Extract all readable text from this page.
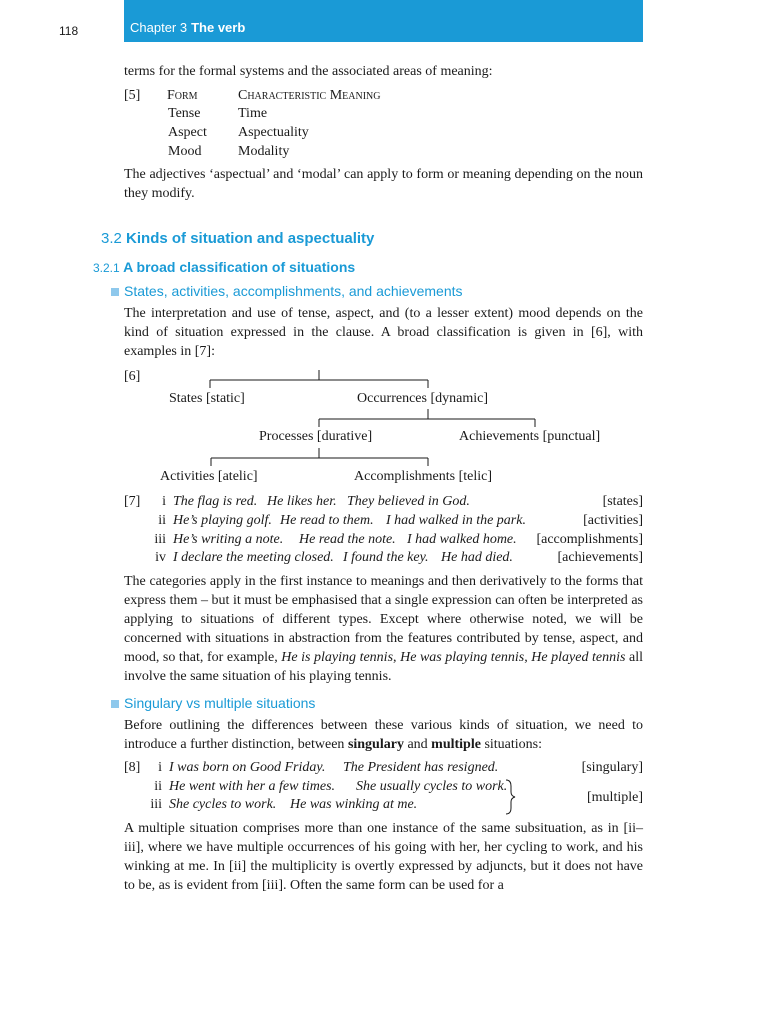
118	Chapter 3 The verb
terms for the formal systems and the associated areas of meaning:
[5] Form	Characteristic Meaning
Tense	Time
Aspect Aspectuality
Mood	Modality
The adjectives ‘aspectual’ and ‘modal’ can apply to form or meaning depending on the noun they modify.
3.2 Kinds of situation and aspectuality
3.2.1 A broad classification of situations
States, activities, accomplishments, and achievements
The interpretation and use of tense, aspect, and (to a lesser extent) mood depends on the kind of situation expressed in the clause. A broad classification is given in [6], with examples in [7]:
[6]
States [static]	Occurrences [dynamic]
Processes [durative]	Achievements [punctual]
Activities [atelic]	Accomplishments [telic]
[7]	i The flag is red. He likes her. They believed in God.	[states]
ii He’s playing golf. He read to them. I had walked in the park.	[activities]
iii He’s writing a note. He read the note. I had walked home.	[accomplishments]
iv I declare the meeting closed. I found the key. He had died.	[achievements]
The categories apply in the first instance to meanings and then derivatively to the forms that express them – but it must be emphasised that a single expression can often be interpreted as applying to situations of different types. Except where otherwise noted, we will be concerned with situations in abstraction from the features contributed by tense, aspect, and mood, so that, for example, He is playing tennis, He was playing tennis, He played tennis all involve the same situation of his playing tennis.
Singulary vs multiple situations
Before outlining the differences between these various kinds of situation, we need to introduce a further distinction, between singulary and multiple situations:
[8]	i I was born on Good Friday. The President has resigned.	[singulary]
ii He went with her a few times. She usually cycles to work.
iii She cycles to work. He was winking at me.	[multiple]
A multiple situation comprises more than one instance of the same subsituation, as in [ii–iii], where we have multiple occurrences of his going with her, her cycling to work, and his winking at me. In [ii] the multiplicity is overtly expressed by adjuncts, but it does not have to be, as is evident from [iii]. Often the same form can be used for a
